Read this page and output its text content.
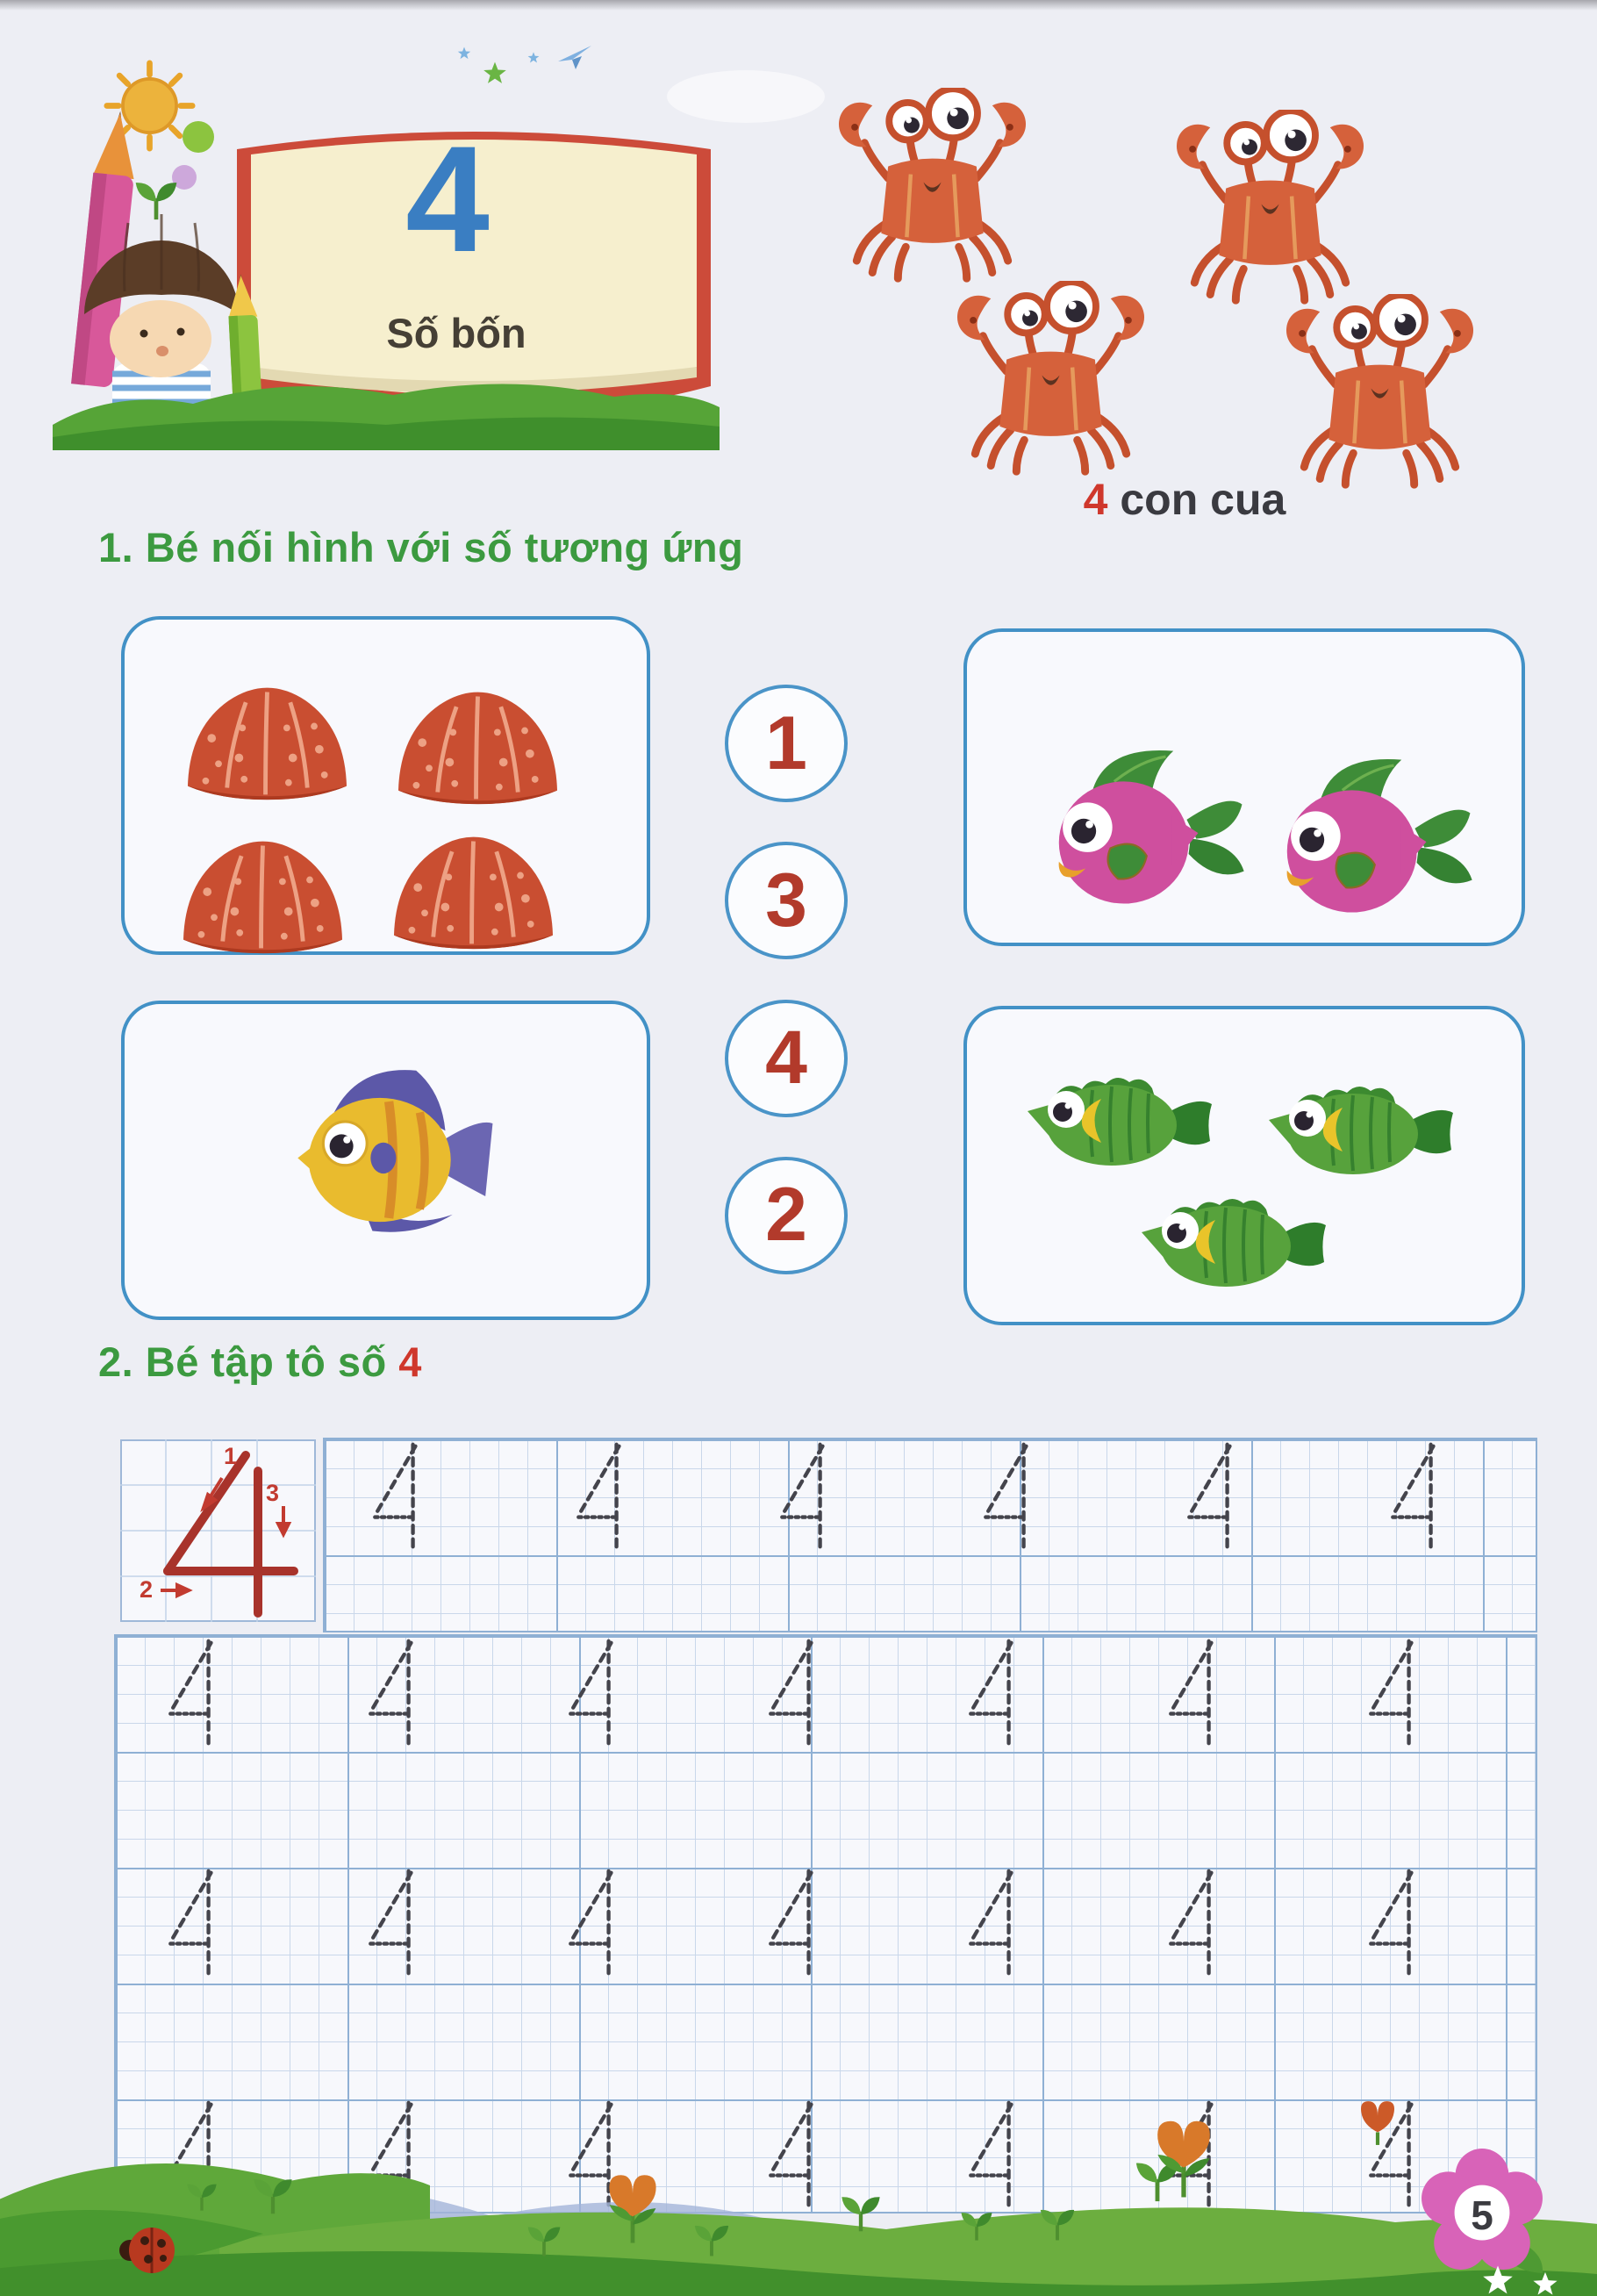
4
Số bốn
4 con cua
1. Bé nối hình với số tương ứng
1
3
4
2
2. Bé tập tô số 4
1
2
3
5
